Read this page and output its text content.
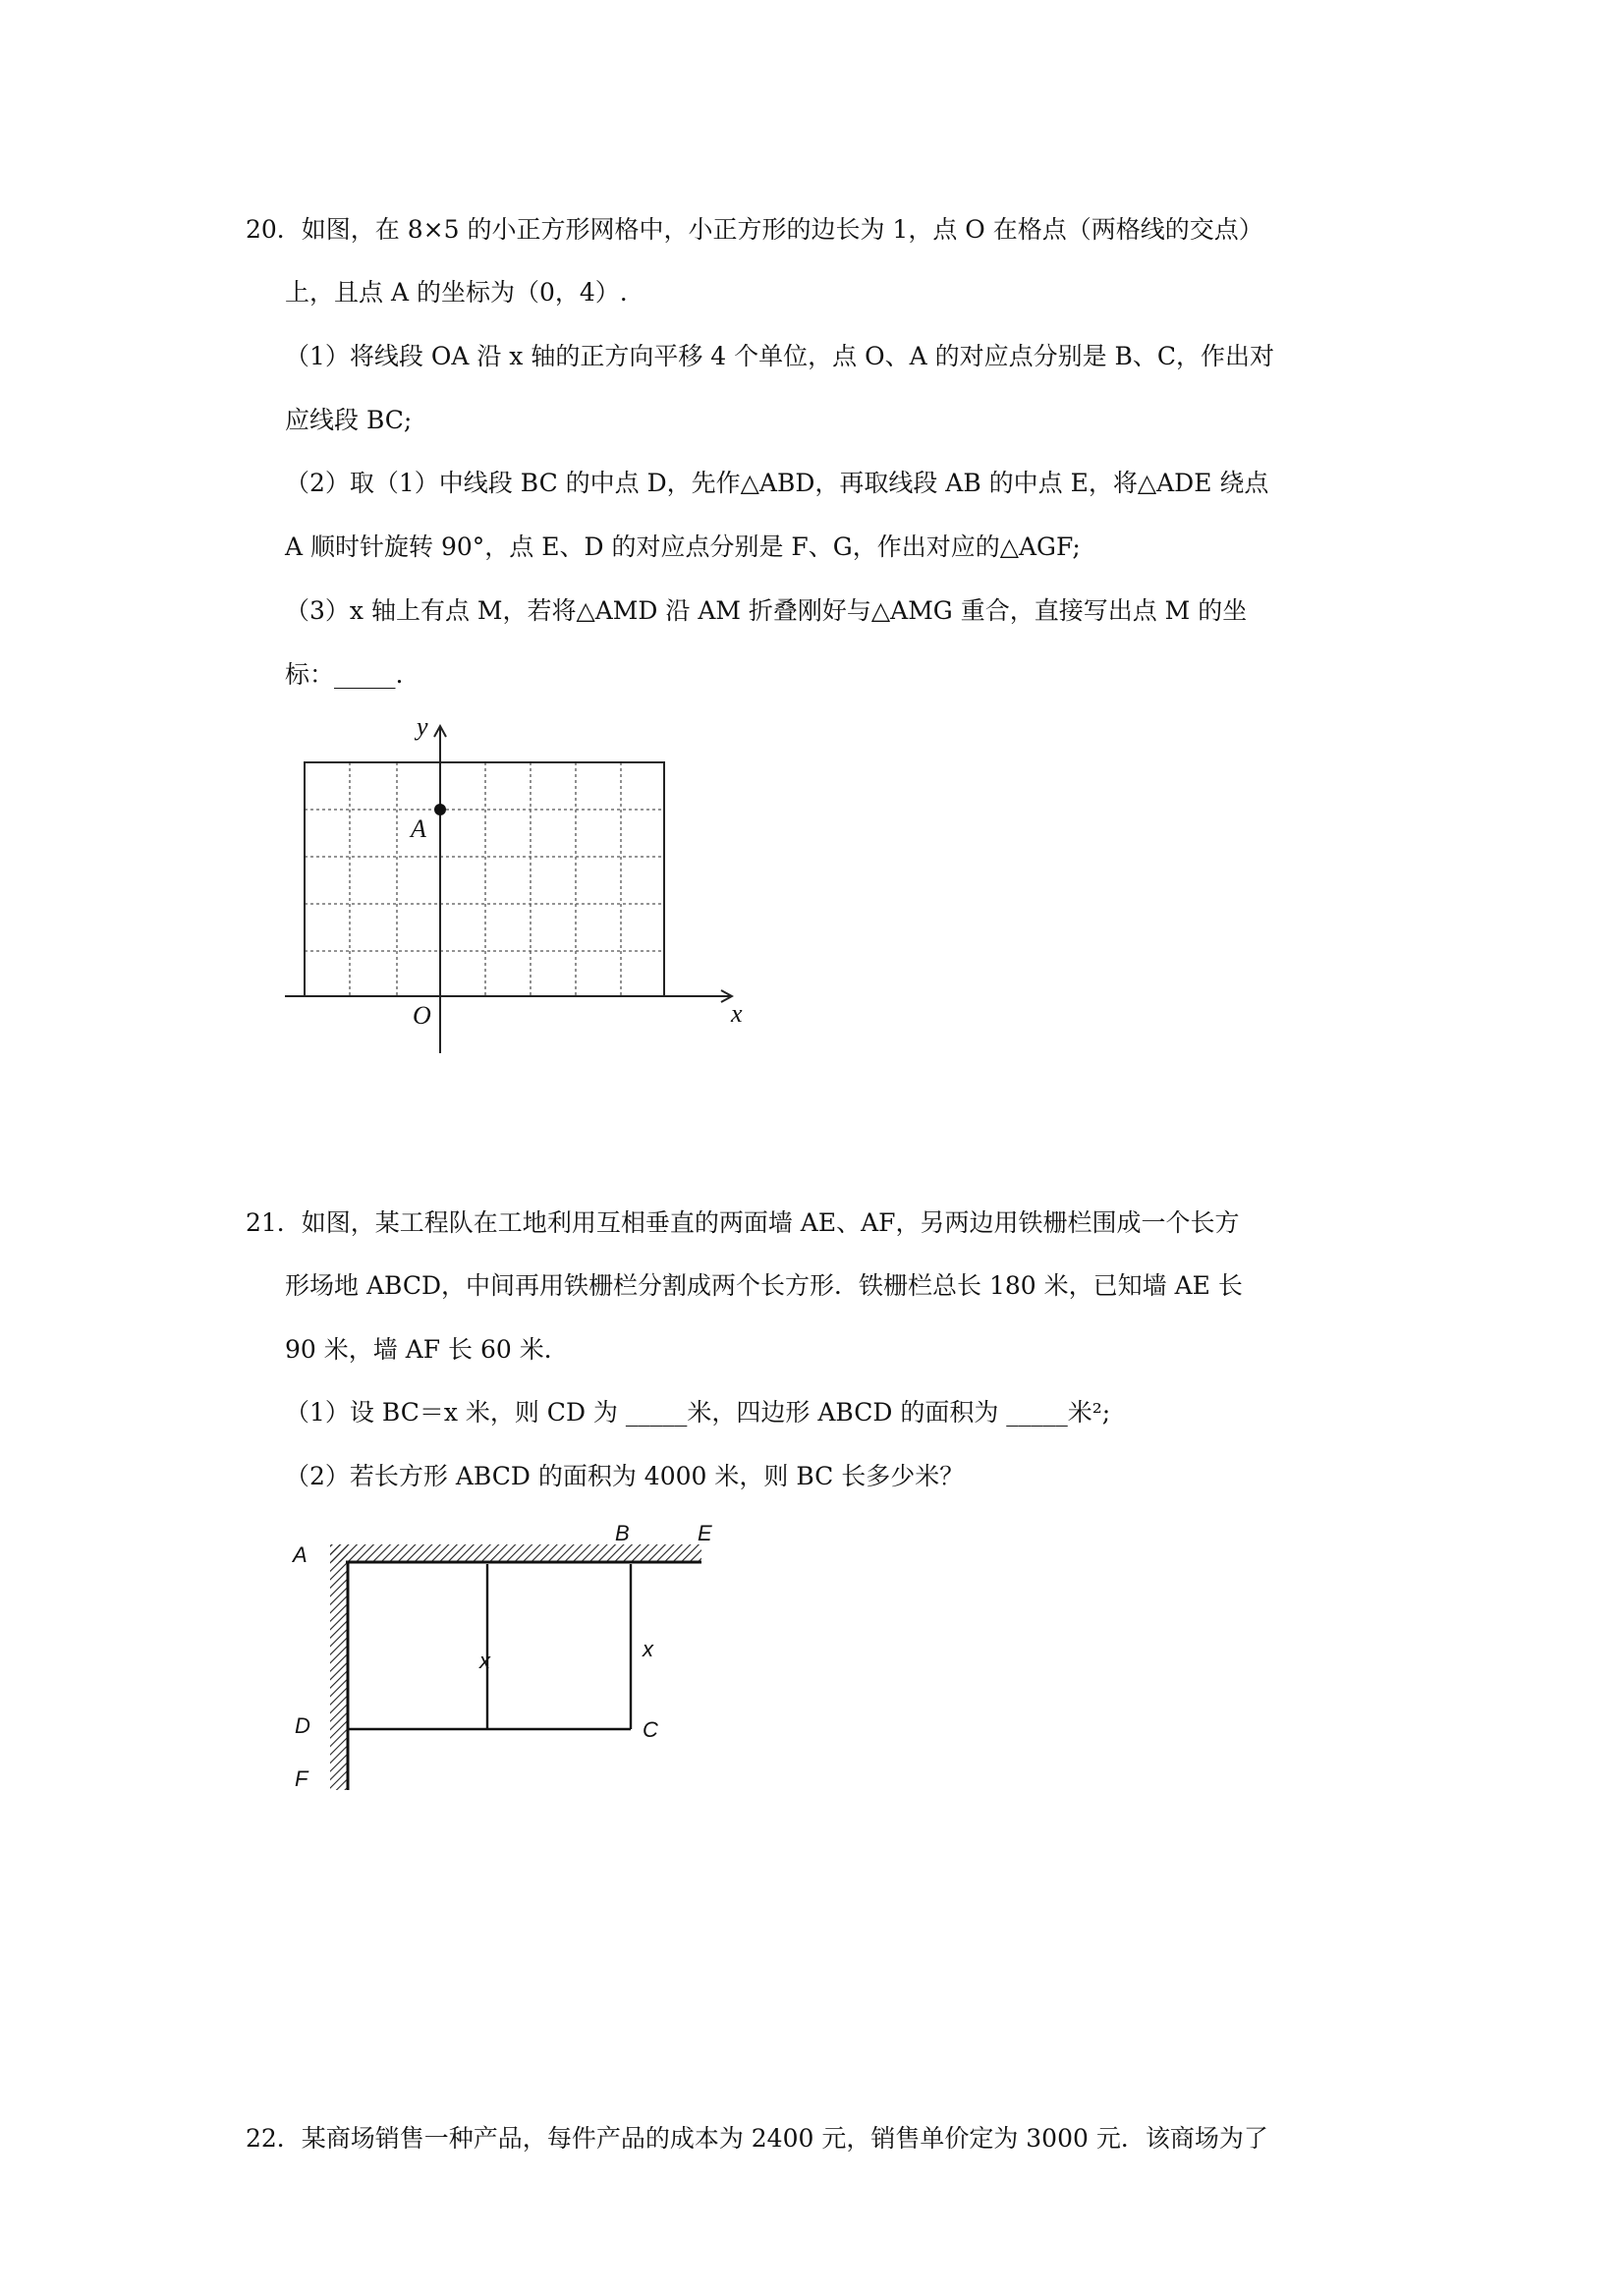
20．如图，在 8×5 的小正方形网格中，小正方形的边长为 1，点 O 在格点（两格线的交点）
上，且点 A 的坐标为（0，4）.
（1）将线段 OA 沿 x 轴的正方向平移 4 个单位，点 O、A 的对应点分别是 B、C，作出对
应线段 BC;
（2）取（1）中线段 BC 的中点 D，先作△ABD，再取线段 AB 的中点 E，将△ADE 绕点
A 顺时针旋转 90°，点 E、D 的对应点分别是 F、G，作出对应的△AGF;
（3）x 轴上有点 M，若将△AMD 沿 AM 折叠刚好与△AMG 重合，直接写出点 M 的坐
标：_____.
y
x
O
A
21．如图，某工程队在工地利用互相垂直的两面墙 AE、AF，另两边用铁栅栏围成一个长方
形场地 ABCD，中间再用铁栅栏分割成两个长方形．铁栅栏总长 180 米，已知墙 AE 长
90 米，墙 AF 长 60 米．
（1）设 BC＝x 米，则 CD 为 _____米，四边形 ABCD 的面积为 _____米²;
（2）若长方形 ABCD 的面积为 4000 米，则 BC 长多少米？
A
B	E
D	C
F
x	x
22．某商场销售一种产品，每件产品的成本为 2400 元，销售单价定为 3000 元．该商场为了
